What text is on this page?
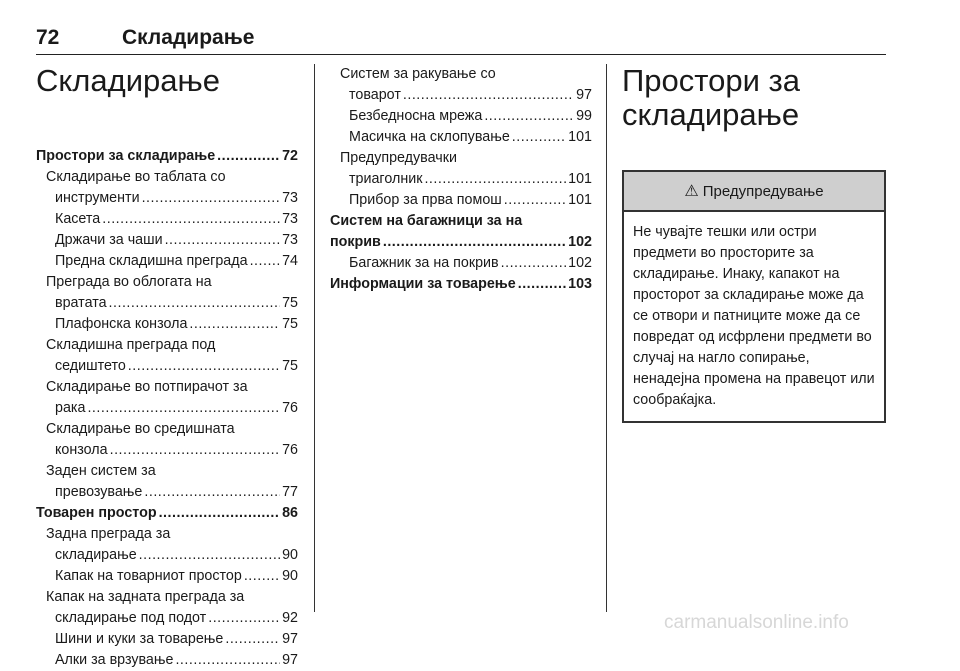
72	Складирање
Складирање
Простори за складирање .....	72
Складирање во таблата со
инструменти .....	73
Касета .....	73
Држачи за чаши .....	73
Предна складишна преграда ..... 74
Преграда во облогата на
вратата .....	75
Плафонска конзола .....	75
Складишна преграда под
седиштето .....	75
Складирање во потпирачот за
рака .....	76
Складирање во средишната
конзола .....	76
Заден систем за
превозување .....	77
Товарен простор .....	86
Задна преграда за
складирање .....	90
Капак на товарниот простор .....	90
Капак на задната преграда за
складирање под подот .....	92
Шини и куки за товарење .....	97
Алки за врзување .....	97
Систем за ракување со
товарот .....	97
Безбедносна мрежа .....	99
Масичка на склопување .....	101
Предупредувачки
триаголник .....	101
Прибор за прва помош .....	101
Систем на багажници за на
покрив .....	102
Багажник за на покрив .....	102
Информации за товарење .....	103
Простори за
складирање
⚠ Предупредување
Не чувајте тешки или остри предмети во просторите за складирање. Инаку, капакот на просторот за складирање може да се отвори и патниците може да се повредат од исфрлени предмети во случај на нагло сопирање, ненадејна промена на правецот или сообраќајка.
carmanualsonline.info
